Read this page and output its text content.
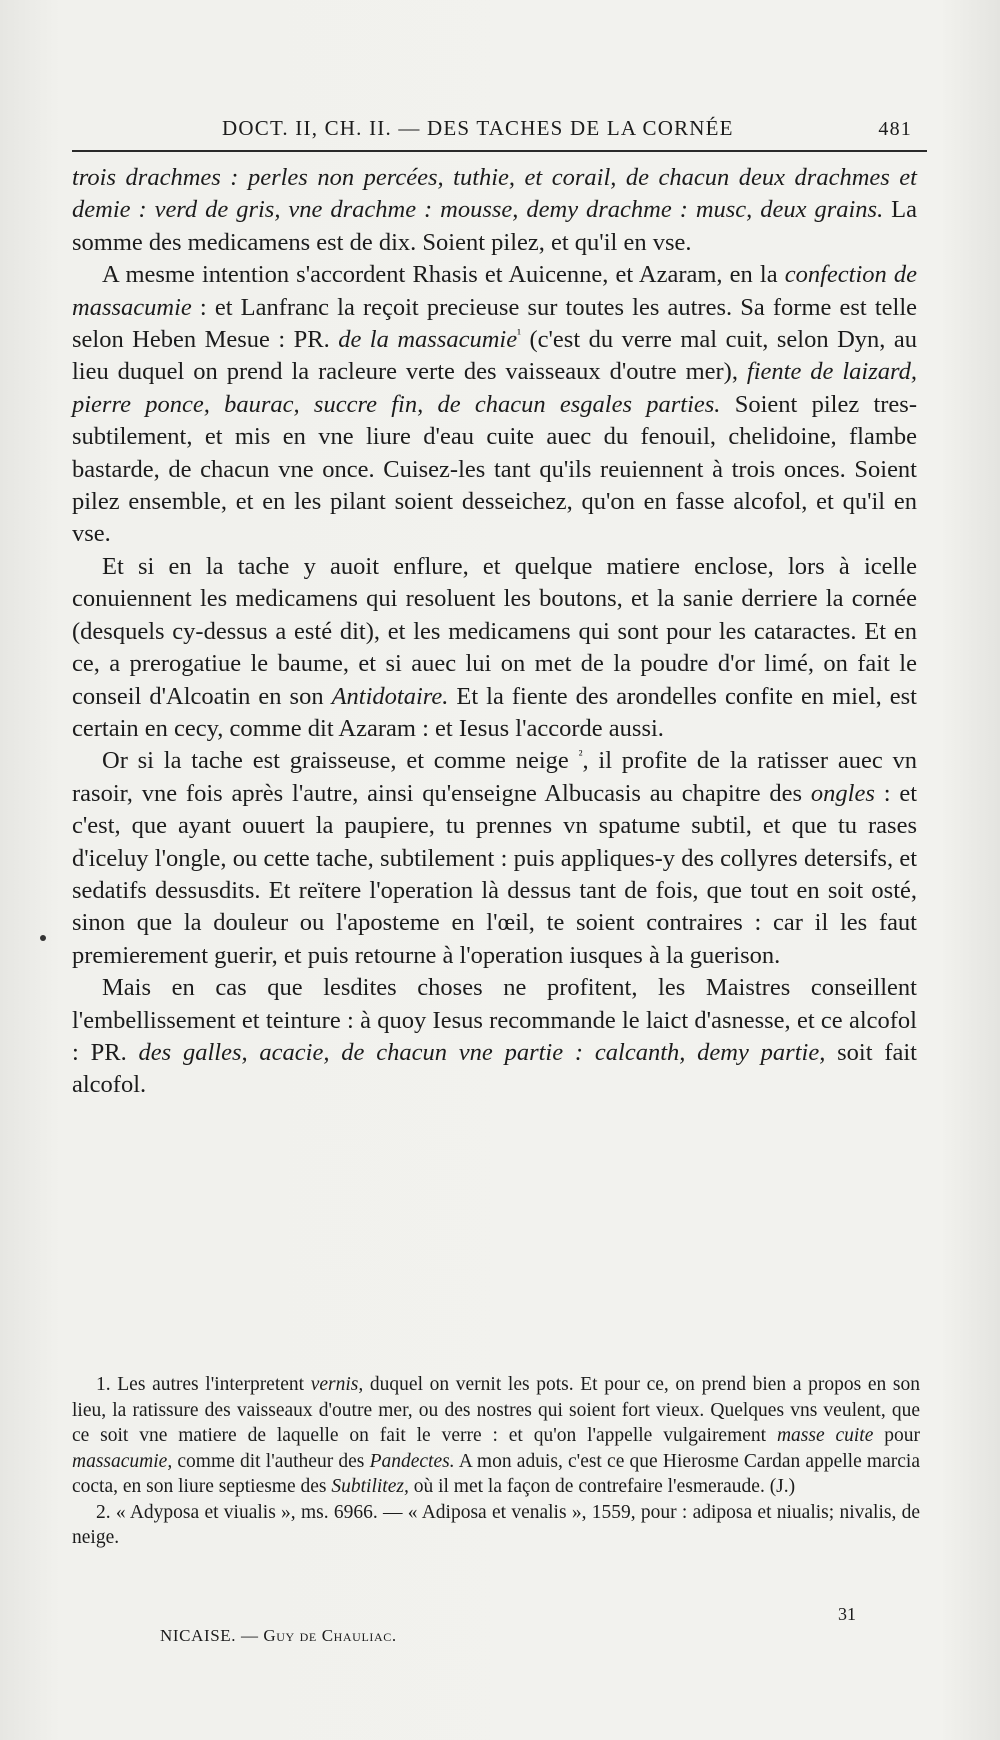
DOCT. II, CH. II. — DES TACHES DE LA CORNÉE	481

trois drachmes : perles non percées, tuthie, et corail, de chacun deux drachmes et demie : verd de gris, vne drachme : mousse, demy drachme : musc, deux grains. La somme des medicamens est de dix. Soient pilez, et qu'il en vse.

A mesme intention s'accordent Rhasis et Auicenne, et Azaram, en la confection de massacumie : et Lanfranc la reçoit precieuse sur toutes les autres. Sa forme est telle selon Heben Mesue : PR. de la massacumie$^{^1}$ (c'est du verre mal cuit, selon Dyn, au lieu duquel on prend la racleure verte des vaisseaux d'outre mer), fiente de laizard, pierre ponce, baurac, succre fin, de chacun esgales parties. Soient pilez tres-subtilement, et mis en vne liure d'eau cuite auec du fenouil, chelidoine, flambe bastarde, de chacun vne once. Cuisez-les tant qu'ils reuiennent à trois onces. Soient pilez ensemble, et en les pilant soient desseichez, qu'on en fasse alcofol, et qu'il en vse.

Et si en la tache y auoit enflure, et quelque matiere enclose, lors à icelle conuiennent les medicamens qui resoluent les boutons, et la sanie derriere la cornée (desquels cy-dessus a esté dit), et les medicamens qui sont pour les cataractes. Et en ce, a prerogatiue le baume, et si auec lui on met de la poudre d'or limé, on fait le conseil d'Alcoatin en son Antidotaire. Et la fiente des arondelles confite en miel, est certain en cecy, comme dit Azaram : et Iesus l'accorde aussi.

Or si la tache est graisseuse, et comme neige $^{^2}$, il profite de la ratisser auec vn rasoir, vne fois après l'autre, ainsi qu'enseigne Albucasis au chapitre des ongles : et c'est, que ayant ouuert la paupiere, tu prennes vn spatume subtil, et que tu rases d'iceluy l'ongle, ou cette tache, subtilement : puis appliques-y des collyres detersifs, et sedatifs dessusdits. Et reïtere l'operation là dessus tant de fois, que tout en soit osté, sinon que la douleur ou l'aposteme en l'œil, te soient contraires : car il les faut premierement guerir, et puis retourne à l'operation iusques à la guerison.

Mais en cas que lesdites choses ne profitent, les Maistres conseillent l'embellissement et teinture : à quoy Iesus recommande le laict d'asnesse, et ce alcofol : PR. des galles, acacie, de chacun vne partie : calcanth, demy partie, soit fait alcofol.

1. Les autres l'interpretent vernis, duquel on vernit les pots. Et pour ce, on prend bien a propos en son lieu, la ratissure des vaisseaux d'outre mer, ou des nostres qui soient fort vieux. Quelques vns veulent, que ce soit vne matiere de laquelle on fait le verre : et qu'on l'appelle vulgairement masse cuite pour massacumie, comme dit l'autheur des Pandectes. A mon aduis, c'est ce que Hierosme Cardan appelle marcia cocta, en son liure septiesme des Subtilitez, où il met la façon de contrefaire l'esmeraude. (J.)

2. « Adyposa et viualis », ms. 6966. — « Adiposa et venalis », 1559, pour : adiposa et niualis; nivalis, de neige.

NICAISE. — Guy de Chauliac.
31
